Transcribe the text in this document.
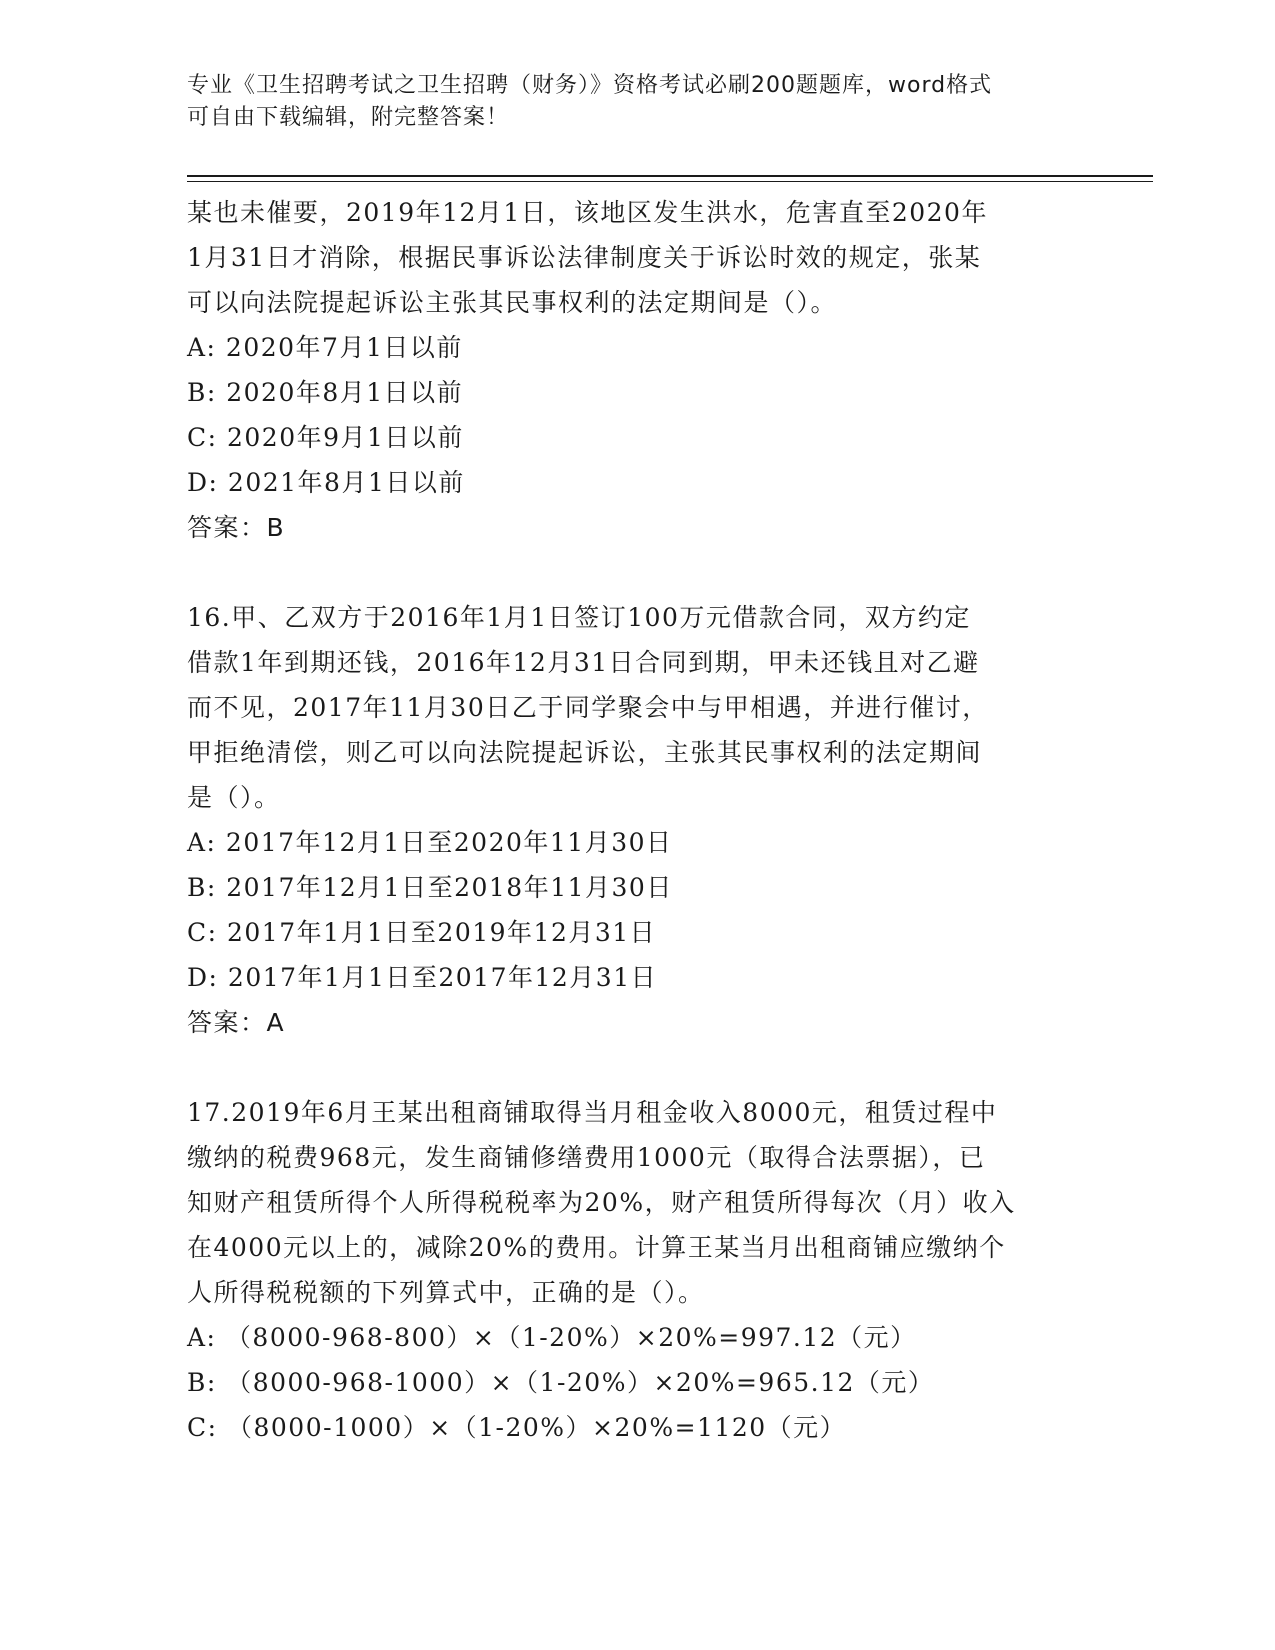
专业《卫生招聘考试之卫生招聘（财务）》资格考试必刷200题题库，word格式
可自由下载编辑，附完整答案！

某也未催要，2019年12月1日，该地区发生洪水，危害直至2020年

1月31日才消除，根据民事诉讼法律制度关于诉讼时效的规定，张某

可以向法院提起诉讼主张其民事权利的法定期间是（）。

A: 2020年7月1日以前

B: 2020年8月1日以前

C: 2020年9月1日以前

D: 2021年8月1日以前

答案：B

16.甲、乙双方于2016年1月1日签订100万元借款合同，双方约定

借款1年到期还钱，2016年12月31日合同到期，甲未还钱且对乙避

而不见，2017年11月30日乙于同学聚会中与甲相遇，并进行催讨，

甲拒绝清偿，则乙可以向法院提起诉讼，主张其民事权利的法定期间

是（）。

A: 2017年12月1日至2020年11月30日

B: 2017年12月1日至2018年11月30日

C: 2017年1月1日至2019年12月31日

D: 2017年1月1日至2017年12月31日

答案：A

17.2019年6月王某出租商铺取得当月租金收入8000元，租赁过程中

缴纳的税费968元，发生商铺修缮费用1000元（取得合法票据），已

知财产租赁所得个人所得税税率为20%，财产租赁所得每次（月）收入

在4000元以上的，减除20%的费用。计算王某当月出租商铺应缴纳个

人所得税税额的下列算式中，正确的是（）。

A: （8000-968-800）×（1-20%）×20%=997.12（元）

B: （8000-968-1000）×（1-20%）×20%=965.12（元）

C: （8000-1000）×（1-20%）×20%=1120（元）
